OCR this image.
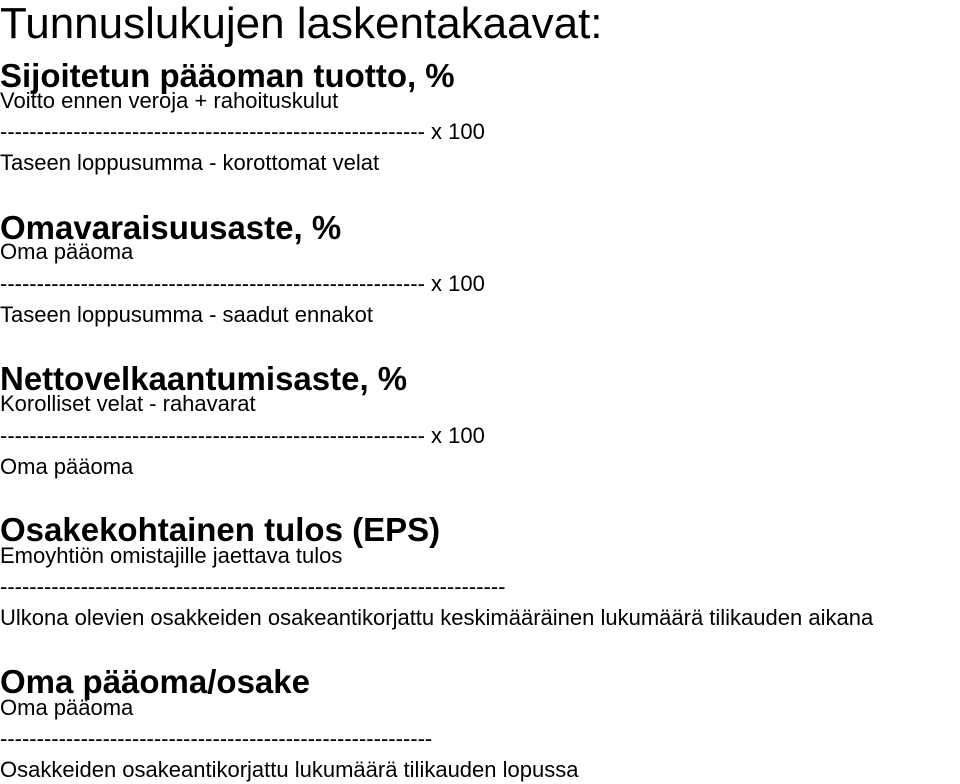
Tunnuslukujen laskentakaavat:
Sijoitetun pääoman tuotto, %
Voitto ennen veroja + rahoituskulut
---------------------------------------------------------- x 100
Taseen loppusumma - korottomat velat
Omavaraisuusaste, %
Oma pääoma
---------------------------------------------------------- x 100
Taseen loppusumma - saadut ennakot
Nettovelkaantumisaste, %
Korolliset velat - rahavarat
---------------------------------------------------------- x 100
Oma pääoma
Osakekohtainen tulos (EPS)
Emoyhtiön omistajille jaettava tulos
---------------------------------------------------------------------
Ulkona olevien osakkeiden osakeantikorjattu keskimääräinen lukumäärä tilikauden aikana
Oma pääoma/osake
Oma pääoma
-----------------------------------------------------------
Osakkeiden osakeantikorjattu lukumäärä tilikauden lopussa
